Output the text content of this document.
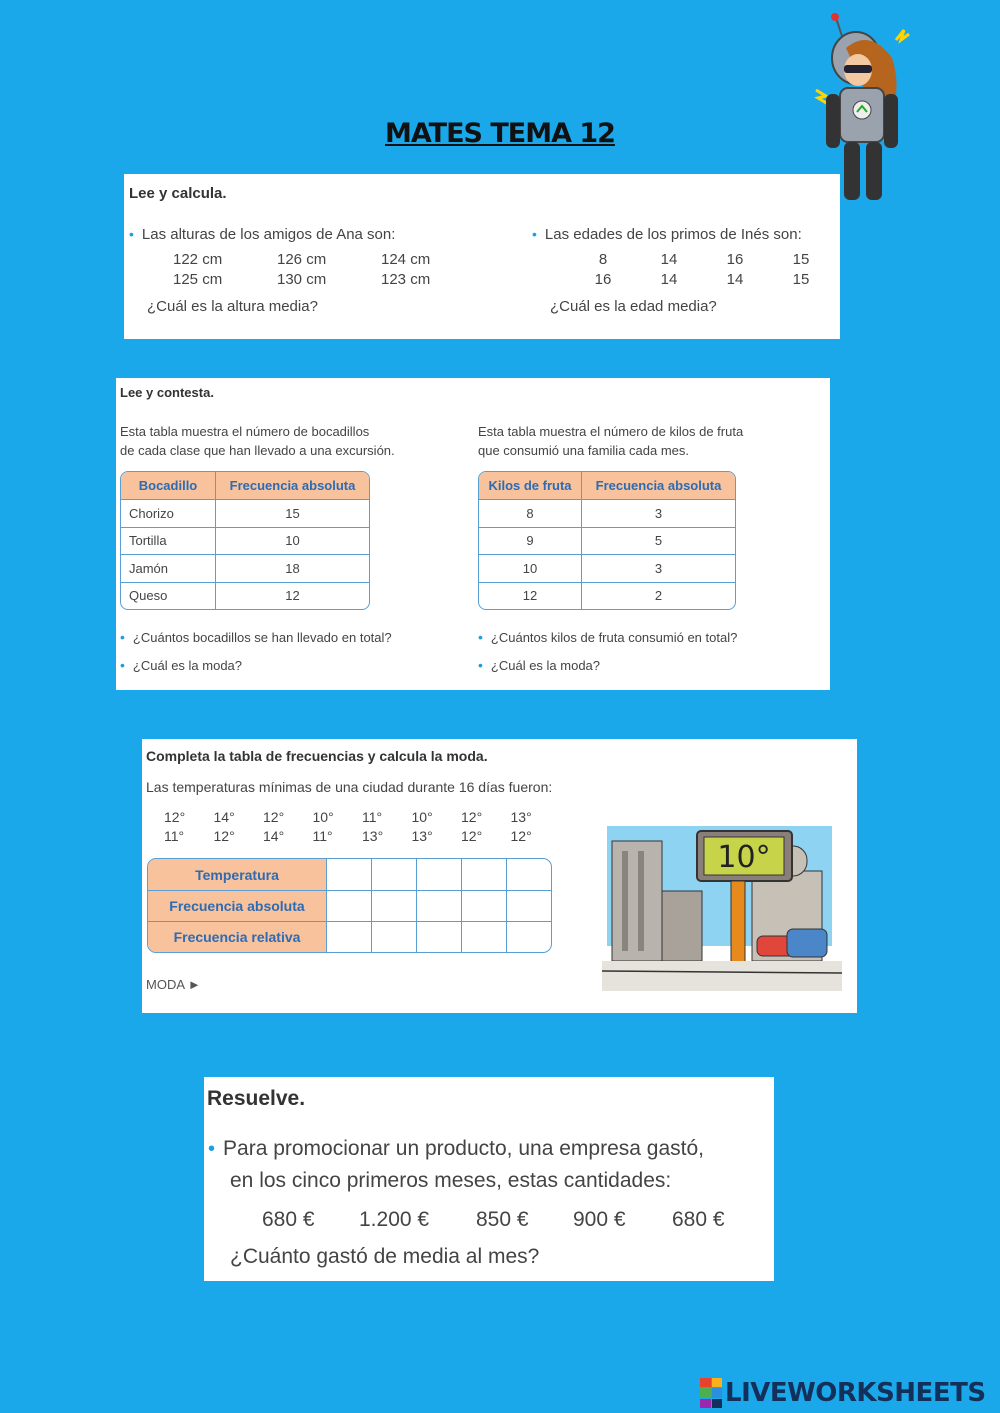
MATES TEMA 12
Lee y calcula.
• Las alturas de los amigos de Ana son:
122 cm	126 cm	124 cm
125 cm	130 cm	123 cm
¿Cuál es la altura media?
• Las edades de los primos de Inés son:
8	14	16	15
16	14	14	15
¿Cuál es la edad media?
Lee y contesta.
Esta tabla muestra el número de bocadillos
de cada clase que han llevado a una excursión.
Bocadillo	Frecuencia absoluta
Chorizo	15
Tortilla	10
Jamón	18
Queso	12
• ¿Cuántos bocadillos se han llevado en total?
• ¿Cuál es la moda?
Esta tabla muestra el número de kilos de fruta
que consumió una familia cada mes.
Kilos de fruta	Frecuencia absoluta
8	3
9	5
10	3
12	2
• ¿Cuántos kilos de fruta consumió en total?
• ¿Cuál es la moda?
Completa la tabla de frecuencias y calcula la moda.
Las temperaturas mínimas de una ciudad durante 16 días fueron:
12°	14°	12°	10°	11°	10°	12°	13°
11°	12°	14°	11°	13°	13°	12°	12°
Temperatura					
Frecuencia absoluta					
Frecuencia relativa					
MODA ►
10°
Resuelve.
• Para promocionar un producto, una empresa gastó,
en los cinco primeros meses, estas cantidades:
680 €	1.200 €	850 €	900 €	680 €
¿Cuánto gastó de media al mes?
LIVEWORKSHEETS
